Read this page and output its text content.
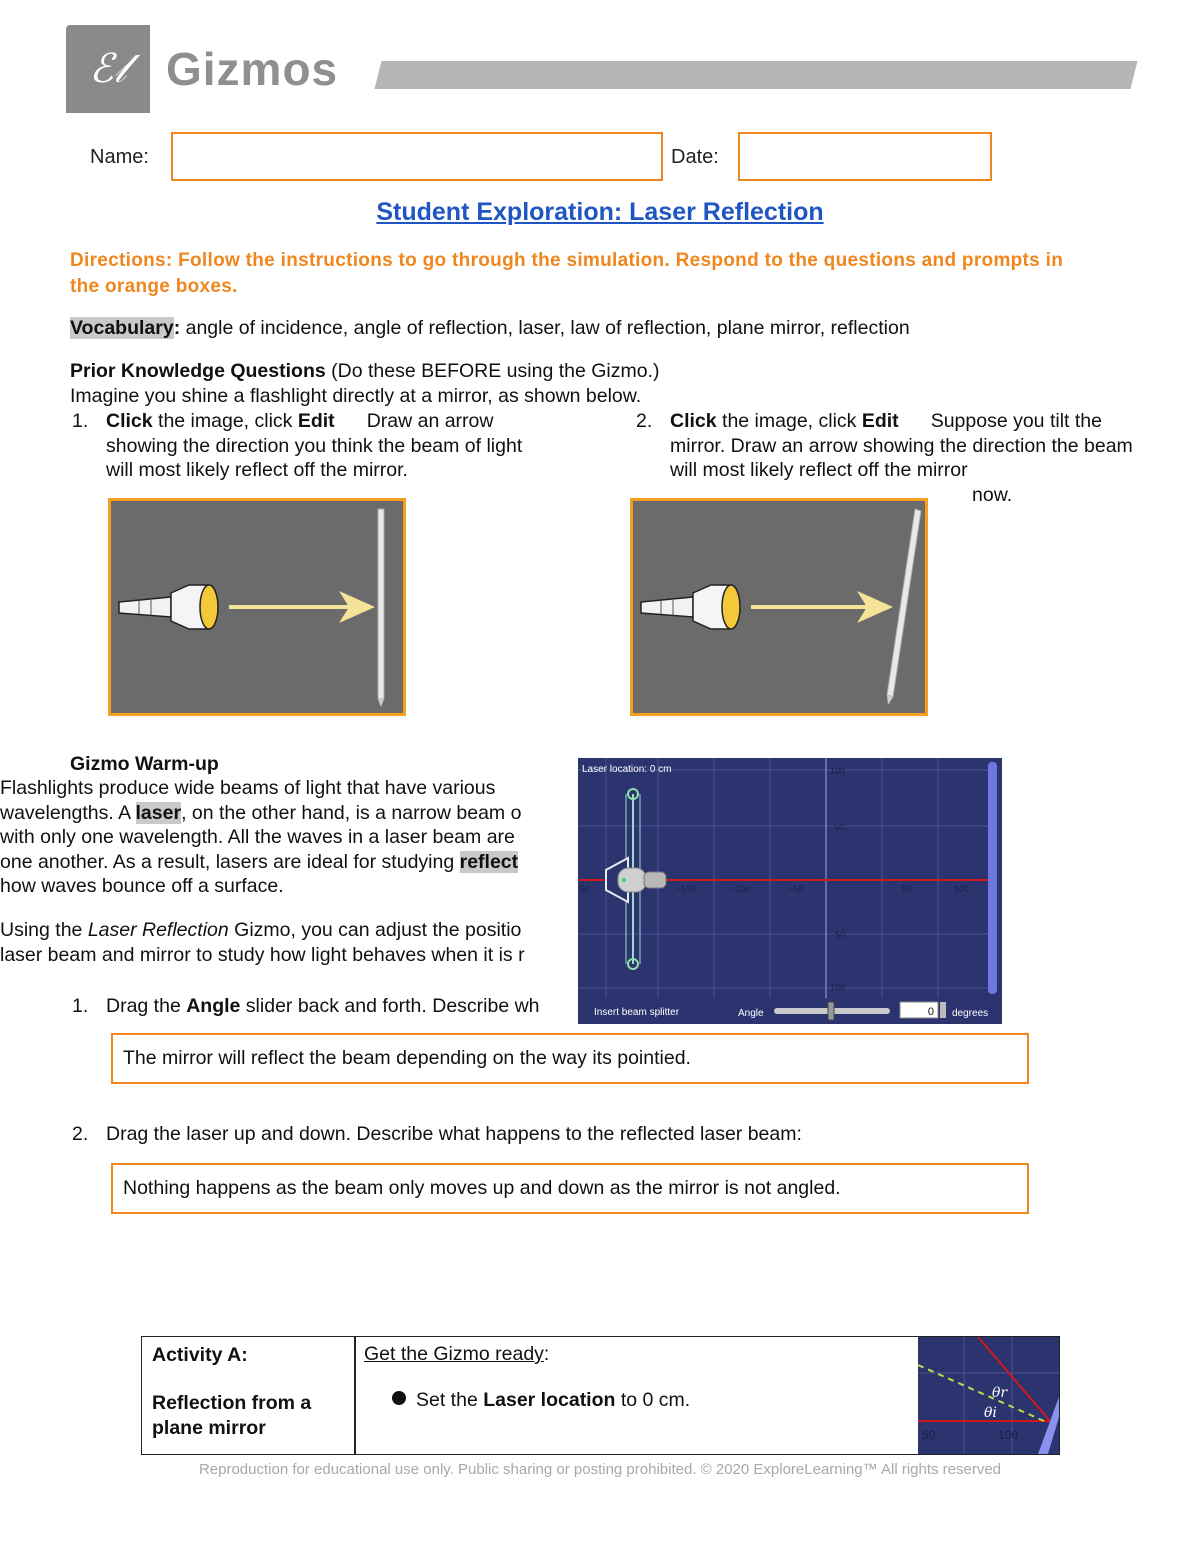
ℰ𝓁 Gizmos
Name:	Date:
Student Exploration: Laser Reflection
Directions: Follow the instructions to go through the simulation. Respond to the questions and prompts in the orange boxes.
Vocabulary: angle of incidence, angle of reflection, laser, law of reflection, plane mirror, reflection
Prior Knowledge Questions (Do these BEFORE using the Gizmo.)
Imagine you shine a flashlight directly at a mirror, as shown below.
1. Click the image, click Edit Draw an arrow showing the direction you think the beam of light will most likely reflect off the mirror.
2. Click the image, click Edit Suppose you tilt the mirror. Draw an arrow showing the direction the beam will most likely reflect off the mirror
now.
Gizmo Warm-up
Flashlights produce wide beams of light that have various
wavelengths. A laser, on the other hand, is a narrow beam o
with only one wavelength. All the waves in a laser beam are
one another. As a result, lasers are ideal for studying reflect
how waves bounce off a surface.
Using the Laser Reflection Gizmo, you can adjust the positio
laser beam and mirror to study how light behaves when it is r
1. Drag the Angle slider back and forth. Describe wh
Laser location: 0 cm
50	−150	−100	−50	50	100
100
50
−50
100
Insert beam splitter	Angle	0 degrees
The mirror will reflect the beam depending on the way its pointied.
2. Drag the laser up and down. Describe what happens to the reflected laser beam:
Nothing happens as the beam only moves up and down as the mirror is not angled.
Activity A:
Reflection from a plane mirror
Get the Gizmo ready:
Set the Laser location to 0 cm.	θr
θi
50	100
Reproduction for educational use only. Public sharing or posting prohibited. © 2020 ExploreLearning™ All rights reserved
